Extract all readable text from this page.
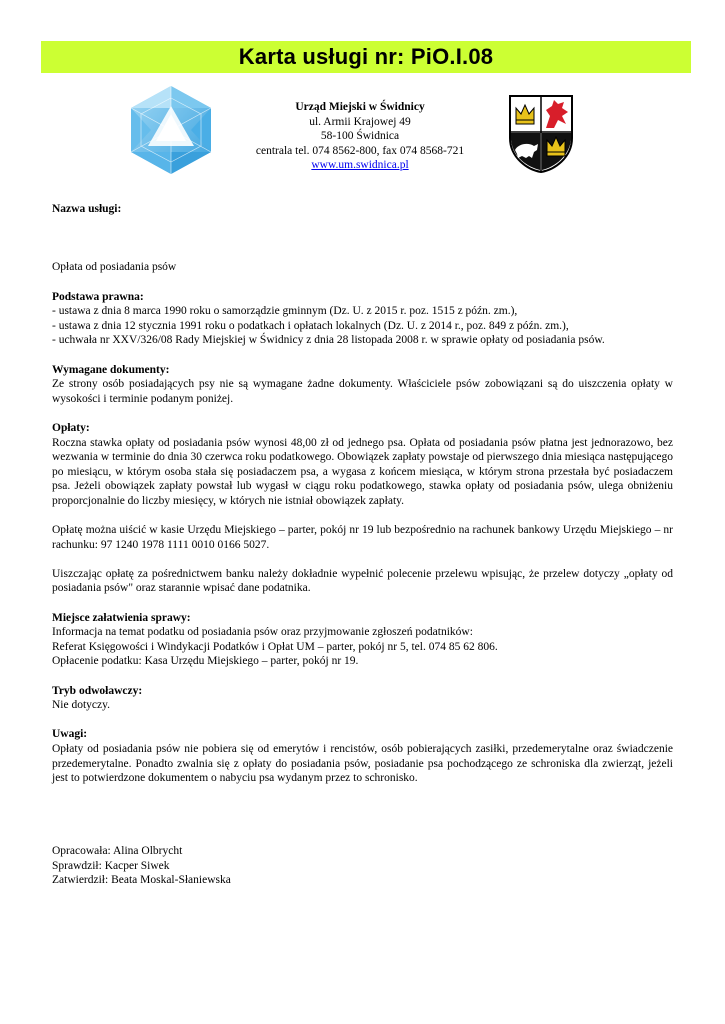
Karta usługi nr: PiO.I.08
Urząd Miejski w Świdnicy
ul. Armii Krajowej 49
58-100 Świdnica
centrala tel. 074 8562-800, fax 074 8568-721
www.um.swidnica.pl

Nazwa usługi:

Opłata od posiadania psów

Podstawa prawna:

- ustawa z dnia 8 marca 1990 roku o samorządzie gminnym (Dz. U. z 2015 r. poz. 1515 z późn. zm.),

- ustawa z dnia 12 stycznia 1991 roku o podatkach i opłatach lokalnych (Dz. U. z 2014 r., poz. 849 z późn. zm.),

- uchwała nr XXV/326/08 Rady Miejskiej w Świdnicy z dnia 28 listopada 2008 r. w sprawie opłaty od posiadania psów.

Wymagane dokumenty:

Ze strony osób posiadających psy nie są wymagane żadne dokumenty. Właściciele psów zobowiązani są do uiszczenia opłaty w wysokości i terminie podanym poniżej.

Opłaty:

Roczna stawka opłaty od posiadania psów wynosi 48,00 zł od jednego psa. Opłata od posiadania psów płatna jest jednorazowo, bez wezwania w terminie do dnia 30 czerwca roku podatkowego. Obowiązek zapłaty powstaje od pierwszego dnia miesiąca następującego po miesiącu, w którym osoba stała się posiadaczem psa, a wygasa z końcem miesiąca, w którym strona przestała być posiadaczem psa. Jeżeli obowiązek zapłaty powstał lub wygasł w ciągu roku podatkowego, stawka opłaty od posiadania psów, ulega obniżeniu proporcjonalnie do liczby miesięcy, w których nie istniał obowiązek zapłaty.

Opłatę można uiścić w kasie Urzędu Miejskiego – parter, pokój nr 19 lub bezpośrednio na rachunek bankowy Urzędu Miejskiego – nr rachunku: 97 1240 1978 1111 0010 0166 5027.

Uiszczając opłatę za pośrednictwem banku należy dokładnie wypełnić polecenie przelewu wpisując, że przelew dotyczy „opłaty od posiadania psów" oraz starannie wpisać dane podatnika.

Miejsce załatwienia sprawy:

Informacja na temat podatku od posiadania psów oraz przyjmowanie zgłoszeń podatników:

Referat Księgowości i Windykacji Podatków i Opłat UM – parter, pokój nr 5, tel. 074 85 62 806.

Opłacenie podatku: Kasa Urzędu Miejskiego – parter, pokój nr 19.

Tryb odwoławczy:

Nie dotyczy.

Uwagi:

Opłaty od posiadania psów nie pobiera się od emerytów i rencistów, osób pobierających zasiłki, przedemerytalne oraz świadczenie przedemerytalne. Ponadto zwalnia się z opłaty do posiadania psów, posiadanie psa pochodzącego ze schroniska dla zwierząt, jeżeli jest to potwierdzone dokumentem o nabyciu psa wydanym przez to schronisko.

Opracowała: Alina Olbrycht

Sprawdził: Kacper Siwek

Zatwierdził: Beata Moskal-Słaniewska
